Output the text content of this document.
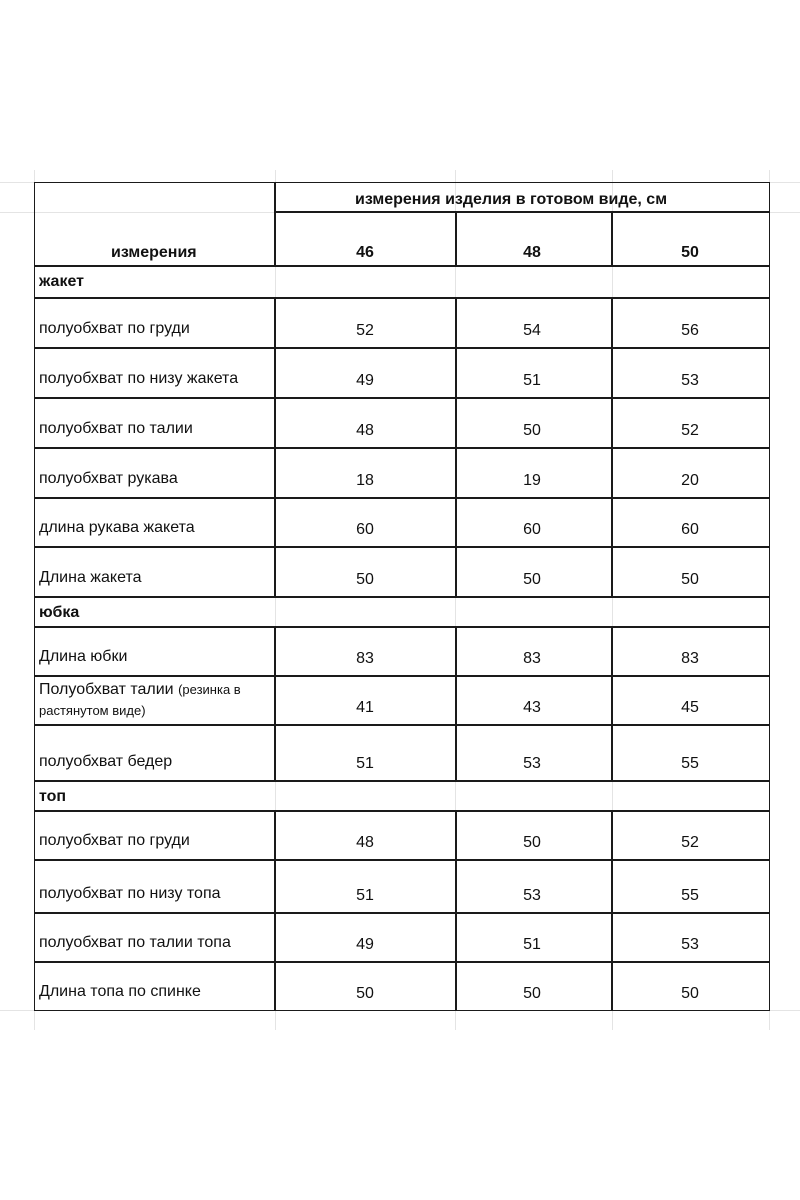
измерения изделия в готовом виде, см
измерения	46	48	50
жакет
полуобхват по груди	52	54	56
полуобхват по низу жакета	49	51	53
полуобхват по талии	48	50	52
полуобхват рукава	18	19	20
длина рукава жакета	60	60	60
Длина жакета	50	50	50
юбка
Длина юбки	83	83	83
Полуобхват талии (резинка в
растянутом виде)	41	43	45
полуобхват бедер	51	53	55
топ
полуобхват по груди	48	50	52
полуобхват по низу топа	51	53	55
полуобхват по талии топа	49	51	53
Длина топа по спинке	50	50	50
